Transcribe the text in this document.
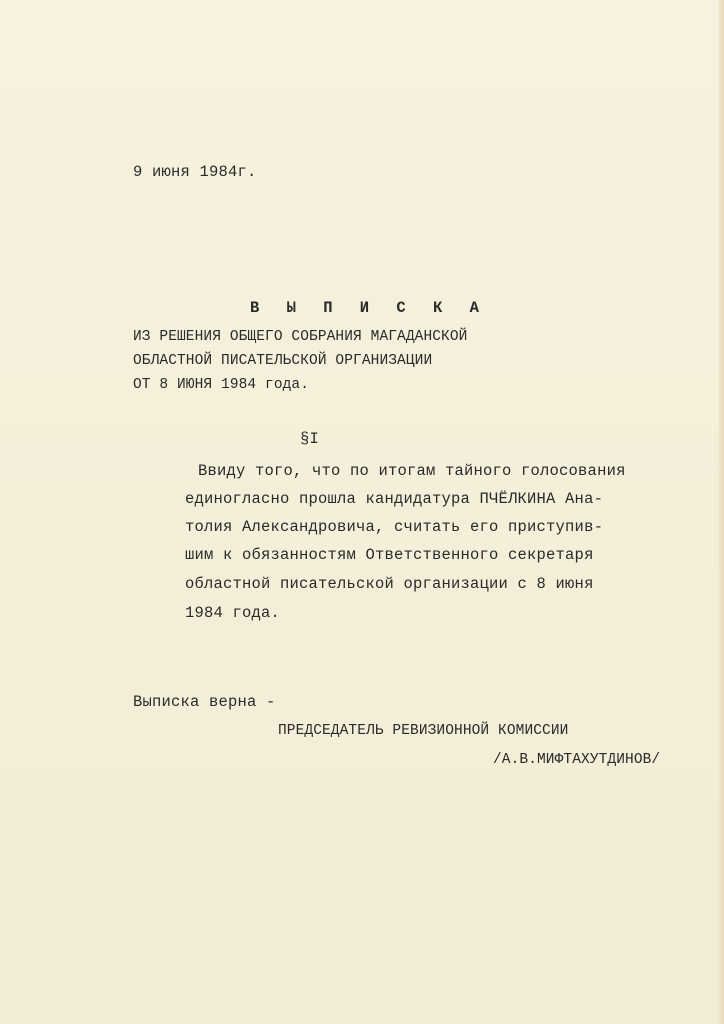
9 июня 1984г.
В Ы П И С К А
ИЗ РЕШЕНИЯ ОБЩЕГО СОБРАНИЯ МАГАДАНСКОЙ
ОБЛАСТНОЙ ПИСАТЕЛЬСКОЙ ОРГАНИЗАЦИИ
ОТ 8 ИЮНЯ 1984 года.
§I
Ввиду того, что по итогам тайного голосования
единогласно прошла кандидатура ПЧЁЛКИНА Ана-
толия Александровича, считать его приступив-
шим к обязанностям Ответственного секретаря
областной писательской организации с 8 июня
1984 года.
Выписка верна -
ПРЕДСЕДАТЕЛЬ РЕВИЗИОННОЙ КОМИССИИ
/А.В.МИФТАХУТДИНОВ/
